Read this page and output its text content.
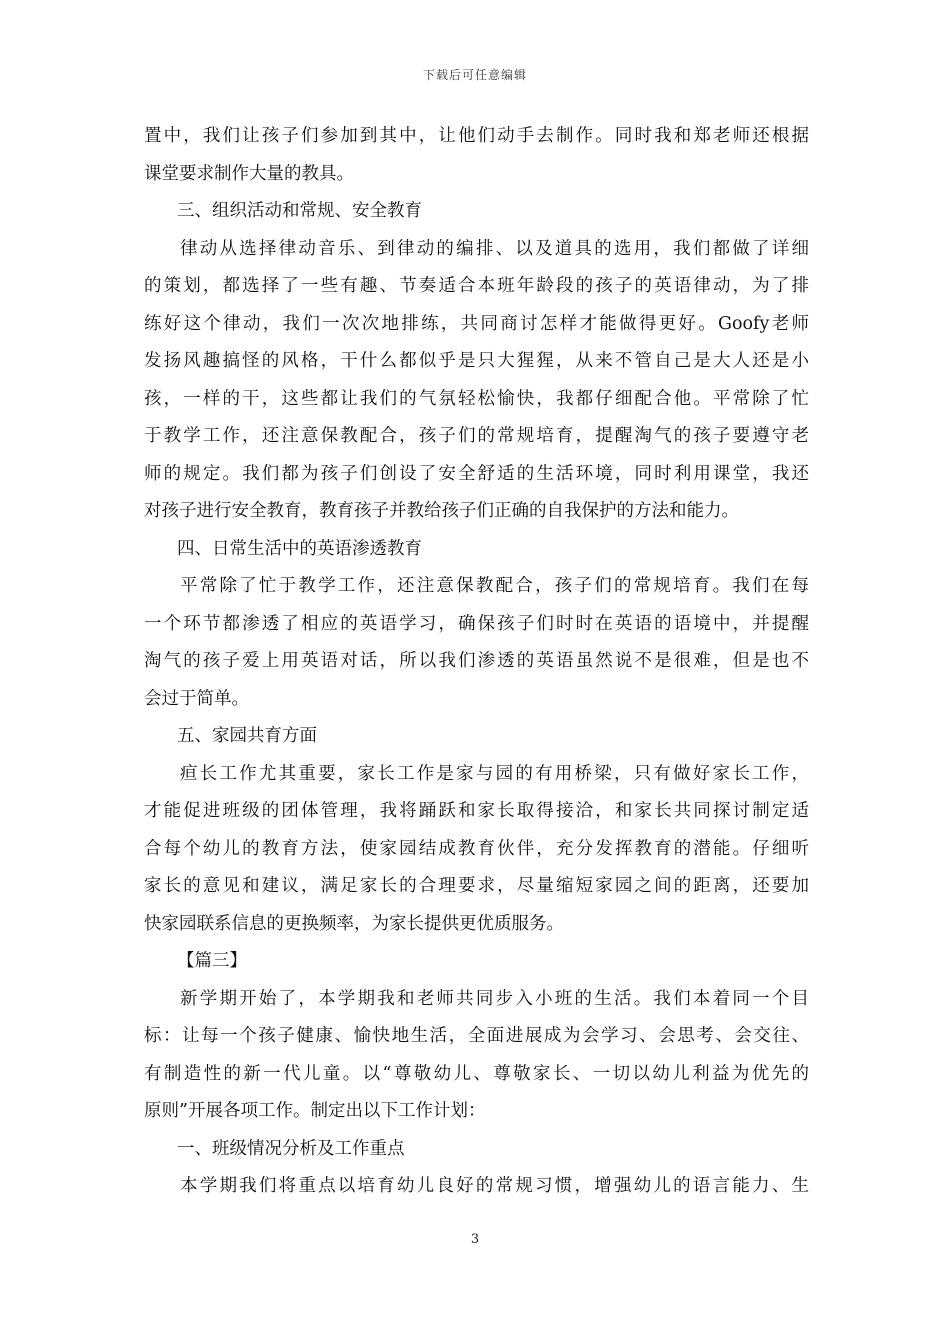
下载后可任意编辑
置中，我们让孩子们参加到其中，让他们动手去制作。同时我和郑老师还根据
课堂要求制作大量的教具。
三、组织活动和常规、安全教育
律动从选择律动音乐、到律动的编排、以及道具的选用，我们都做了详细
的策划，都选择了一些有趣、节奏适合本班年龄段的孩子的英语律动，为了排
练好这个律动，我们一次次地排练，共同商讨怎样才能做得更好。Goofy老师
发扬风趣搞怪的风格，干什么都似乎是只大猩猩，从来不管自己是大人还是小
孩，一样的干，这些都让我们的气氛轻松愉快，我都仔细配合他。平常除了忙
于教学工作，还注意保教配合，孩子们的常规培育，提醒淘气的孩子要遵守老
师的规定。我们都为孩子们创设了安全舒适的生活环境，同时利用课堂，我还
对孩子进行安全教育，教育孩子并教给孩子们正确的自我保护的方法和能力。
四、日常生活中的英语渗透教育
平常除了忙于教学工作，还注意保教配合，孩子们的常规培育。我们在每
一个环节都渗透了相应的英语学习，确保孩子们时时在英语的语境中，并提醒
淘气的孩子爱上用英语对话，所以我们渗透的英语虽然说不是很难，但是也不
会过于简单。
五、家园共育方面
疸长工作尤其重要，家长工作是家与园的有用桥梁，只有做好家长工作，
才能促进班级的团体管理，我将踊跃和家长取得接洽，和家长共同探讨制定适
合每个幼儿的教育方法，使家园结成教育伙伴，充分发挥教育的潜能。仔细听
家长的意见和建议，满足家长的合理要求，尽量缩短家园之间的距离，还要加
快家园联系信息的更换频率，为家长提供更优质服务。
【篇三】
新学期开始了，本学期我和老师共同步入小班的生活。我们本着同一个目
标：让每一个孩子健康、愉快地生活，全面进展成为会学习、会思考、会交往、
有制造性的新一代儿童。以“尊敬幼儿、尊敬家长、一切以幼儿利益为优先的
原则”开展各项工作。制定出以下工作计划：
一、班级情况分析及工作重点
本学期我们将重点以培育幼儿良好的常规习惯，增强幼儿的语言能力、生
3
